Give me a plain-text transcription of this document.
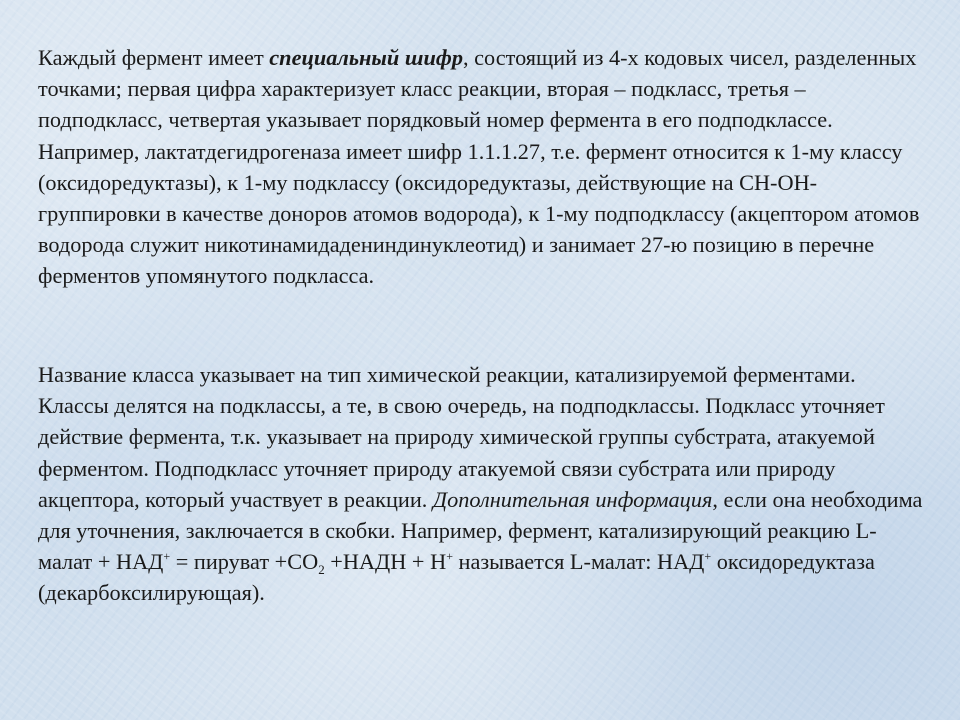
Каждый фермент имеет специальный шифр, состоящий из 4-х кодовых чисел, разделенных точками; первая цифра характеризует класс реакции, вторая – подкласс, третья – подподкласс, четвертая указывает порядковый номер фермента в его подподклассе.    Например, лактатдегидрогеназа имеет шифр 1.1.1.27, т.е. фермент относится к 1-му классу (оксидоредуктазы), к 1-му подклассу (оксидоредуктазы, действующие на СН-ОН-группировки в качестве доноров атомов водорода), к 1-му подподклассу (акцептором атомов водорода служит никотинамидадениндинуклеотид) и занимает 27-ю позицию в перечне ферментов упомянутого подкласса.

Название класса указывает на тип химической реакции, катализируемой ферментами. Классы делятся на подклассы, а те, в свою очередь, на подподклассы. Подкласс уточняет действие фермента, т.к. указывает на природу химической группы субстрата, атакуемой ферментом. Подподкласс уточняет природу атакуемой связи субстрата или природу акцептора, который участвует в реакции. Дополнительная информация, если она необходима для уточнения, заключается в скобки. Например, фермент, катализирующий реакцию L-малат + НАД+ = пируват $+СО_2$ +НАДН + Н+ называется L-малат: НАД+ оксидоредуктаза (декарбоксилирующая).
